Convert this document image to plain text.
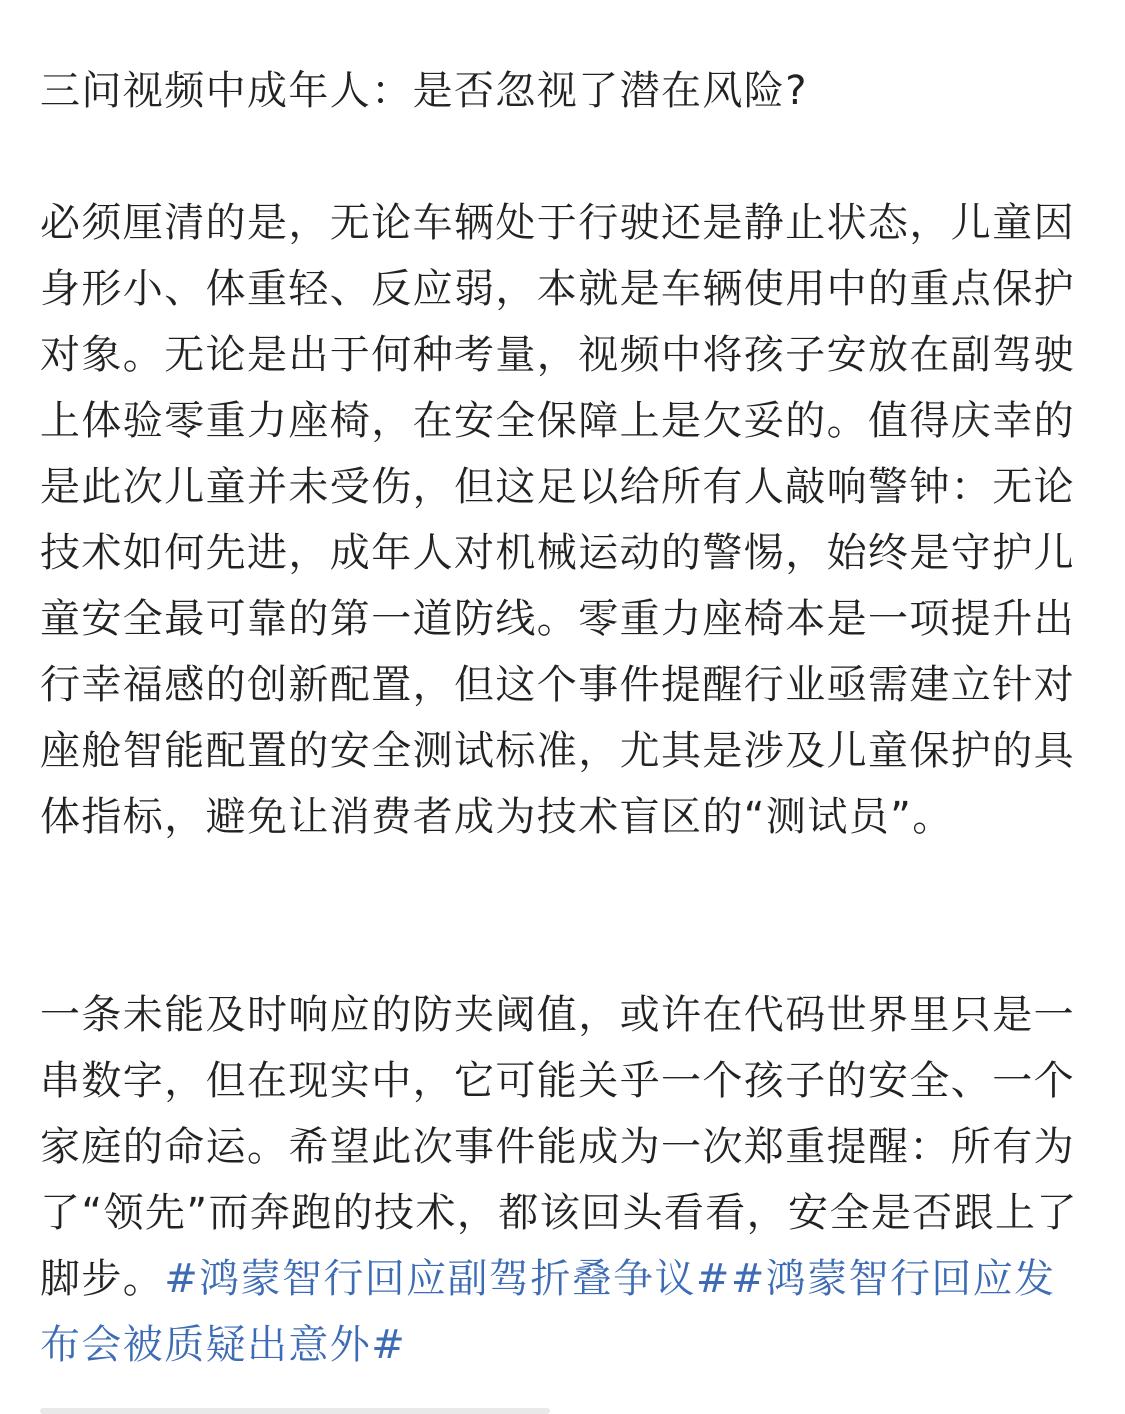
三问视频中成年人：是否忽视了潜在风险?

必须厘清的是，无论车辆处于行驶还是静止状态，儿童因身形小、体重轻、反应弱，本就是车辆使用中的重点保护对象。无论是出于何种考量，视频中将孩子安放在副驾驶上体验零重力座椅，在安全保障上是欠妥的。值得庆幸的是此次儿童并未受伤，但这足以给所有人敲响警钟：无论技术如何先进，成年人对机械运动的警惕，始终是守护儿童安全最可靠的第一道防线。零重力座椅本是一项提升出行幸福感的创新配置，但这个事件提醒行业亟需建立针对座舱智能配置的安全测试标准，尤其是涉及儿童保护的具体指标，避免让消费者成为技术盲区的“测试员”。

一条未能及时响应的防夹阈值，或许在代码世界里只是一串数字，但在现实中，它可能关乎一个孩子的安全、一个家庭的命运。希望此次事件能成为一次郑重提醒：所有为了“领先”而奔跑的技术，都该回头看看，安全是否跟上了脚步。#鸿蒙智行回应副驾折叠争议##鸿蒙智行回应发布会被质疑出意外#
